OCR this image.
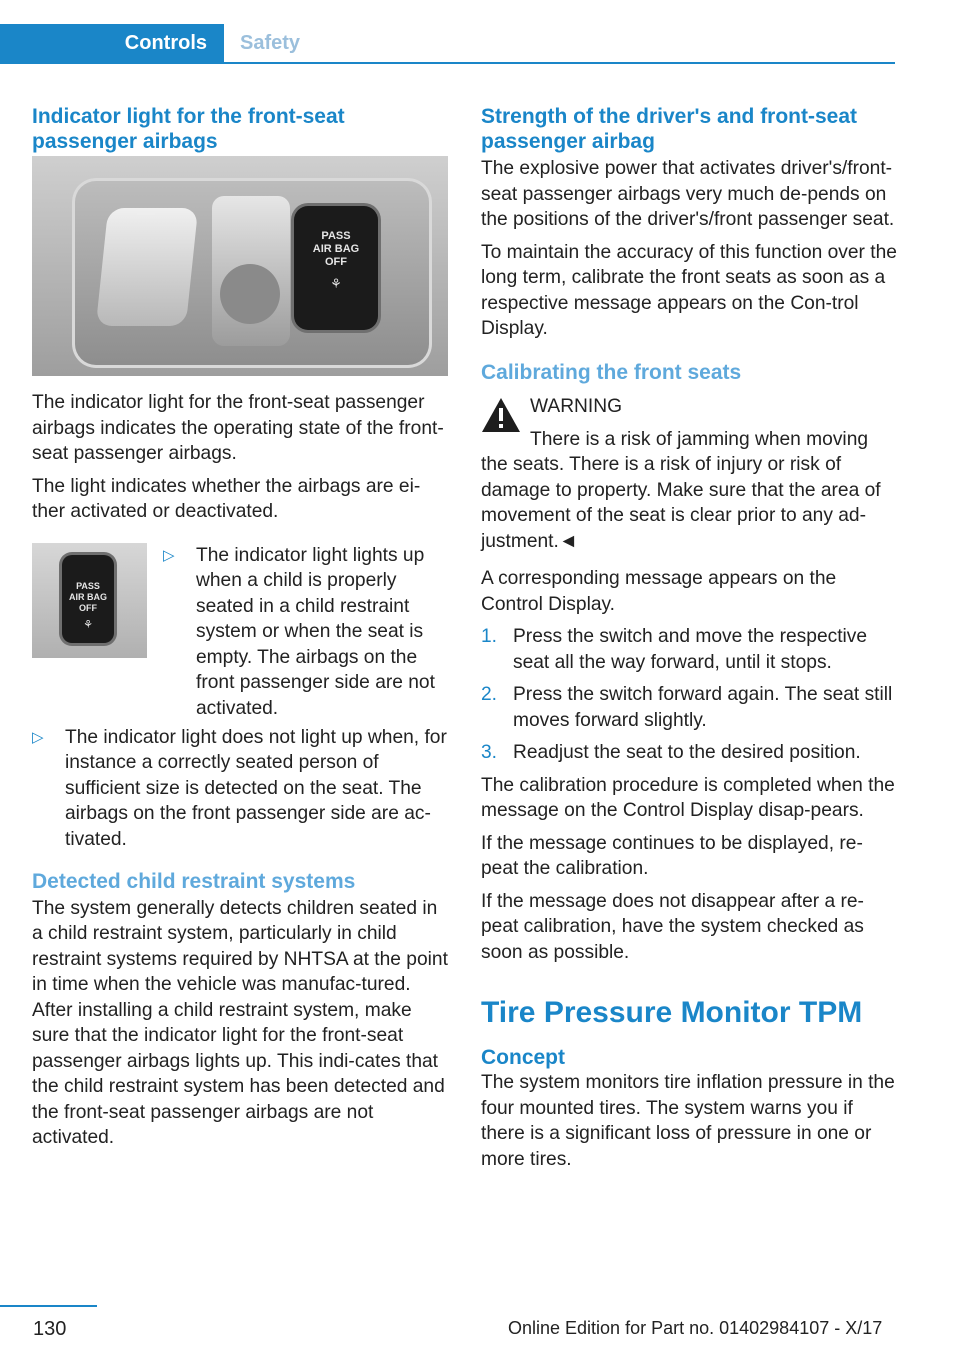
Controls	Safety
Indicator light for the front-seat passenger airbags
PASS
AIR BAG
OFF
⚘

The indicator light for the front-seat passenger airbags indicates the operating state of the front-seat passenger airbags.

The light indicates whether the airbags are ei‐ther activated or deactivated.

PASS
AIR BAG
OFF
⚘
▷ The indicator light lights up when a child is properly seated in a child restraint system or when the seat is empty. The airbags on the front passenger side are not activated.
▷ The indicator light does not light up when, for instance a correctly seated person of sufficient size is detected on the seat. The airbags on the front passenger side are ac‐tivated.
Detected child restraint systems

The system generally detects children seated in a child restraint system, particularly in child restraint systems required by NHTSA at the point in time when the vehicle was manufac‐tured. After installing a child restraint system, make sure that the indicator light for the front-seat passenger airbags lights up. This indi‐cates that the child restraint system has been detected and the front-seat passenger airbags are not activated.

Strength of the driver's and front-seat passenger airbag

The explosive power that activates driver's/front-seat passenger airbags very much de‐pends on the positions of the driver's/front passenger seat.

To maintain the accuracy of this function over the long term, calibrate the front seats as soon as a respective message appears on the Con‐trol Display.

Calibrating the front seats
WARNING

There is a risk of jamming when moving the seats. There is a risk of injury or risk of damage to property. Make sure that the area of movement of the seat is clear prior to any ad‐justment.◄

A corresponding message appears on the Control Display.

1. Press the switch and move the respective seat all the way forward, until it stops.
2. Press the switch forward again. The seat still moves forward slightly.
3. Readjust the seat to the desired position.

The calibration procedure is completed when the message on the Control Display disap‐pears.

If the message continues to be displayed, re‐peat the calibration.

If the message does not disappear after a re‐peat calibration, have the system checked as soon as possible.

Tire Pressure Monitor TPM
Concept

The system monitors tire inflation pressure in the four mounted tires. The system warns you if there is a significant loss of pressure in one or more tires.

130	Online Edition for Part no. 01402984107 - X/17
